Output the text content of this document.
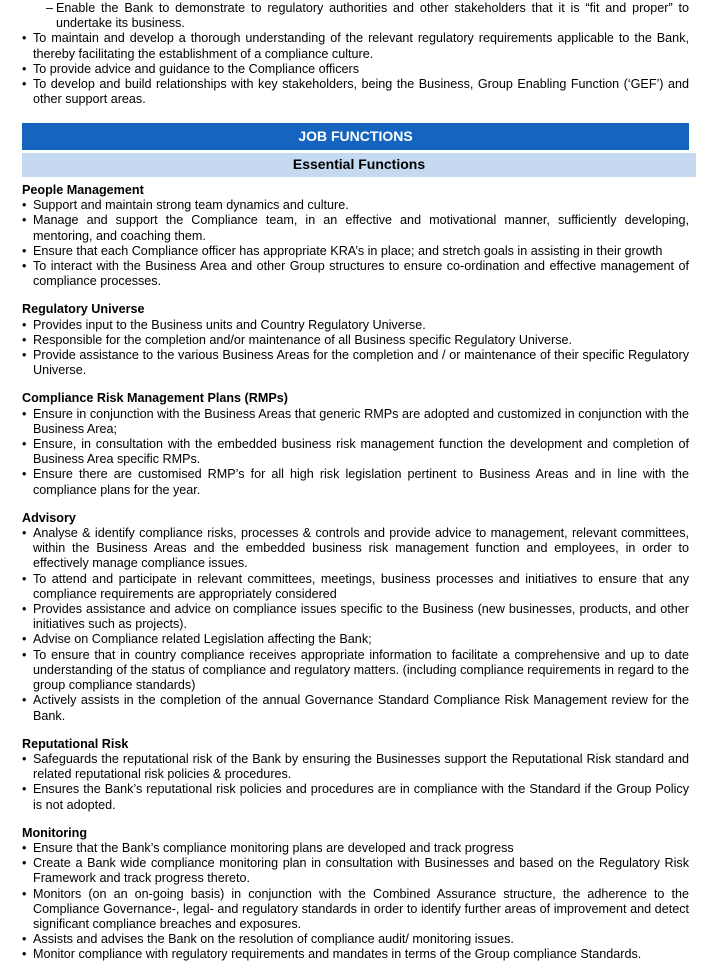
– Enable the Bank to demonstrate to regulatory authorities and other stakeholders that it is “fit and proper” to undertake its business.
• To maintain and develop a thorough understanding of the relevant regulatory requirements applicable to the Bank, thereby facilitating the establishment of a compliance culture.
• To provide advice and guidance to the Compliance officers
• To develop and build relationships with key stakeholders, being the Business, Group Enabling Function (‘GEF’) and other support areas.
JOB FUNCTIONS
Essential Functions

People Management

• Support and maintain strong team dynamics and culture.
• Manage and support the Compliance team, in an effective and motivational manner, sufficiently developing, mentoring, and coaching them.
• Ensure that each Compliance officer has appropriate KRA’s in place; and stretch goals in assisting in their growth
• To interact with the Business Area and other Group structures to ensure co-ordination and effective management of compliance processes.

Regulatory Universe

• Provides input to the Business units and Country Regulatory Universe.
• Responsible for the completion and/or maintenance of all Business specific Regulatory Universe.
• Provide assistance to the various Business Areas for the completion and / or maintenance of their specific Regulatory Universe.

Compliance Risk Management Plans (RMPs)

• Ensure in conjunction with the Business Areas that generic RMPs are adopted and customized in conjunction with the Business Area;
• Ensure, in consultation with the embedded business risk management function the development and completion of Business Area specific RMPs.
• Ensure there are customised RMP’s for all high risk legislation pertinent to Business Areas and in line with the compliance plans for the year.

Advisory

• Analyse & identify compliance risks, processes & controls and provide advice to management, relevant committees, within the Business Areas and the embedded business risk management function and employees, in order to effectively manage compliance issues.
• To attend and participate in relevant committees, meetings, business processes and initiatives to ensure that any compliance requirements are appropriately considered
• Provides assistance and advice on compliance issues specific to the Business (new businesses, products, and other initiatives such as projects).
• Advise on Compliance related Legislation affecting the Bank;
• To ensure that in country compliance receives appropriate information to facilitate a comprehensive and up to date understanding of the status of compliance and regulatory matters. (including compliance requirements in regard to the group compliance standards)
• Actively assists in the completion of the annual Governance Standard Compliance Risk Management review for the Bank.

Reputational Risk

• Safeguards the reputational risk of the Bank by ensuring the Businesses support the Reputational Risk standard and related reputational risk policies & procedures.
• Ensures the Bank’s reputational risk policies and procedures are in compliance with the Standard if the Group Policy is not adopted.

Monitoring

• Ensure that the Bank’s compliance monitoring plans are developed and track progress
• Create a Bank wide compliance monitoring plan in consultation with Businesses and based on the Regulatory Risk Framework and track progress thereto.
• Monitors (on an on-going basis) in conjunction with the Combined Assurance structure, the adherence to the Compliance Governance-, legal- and regulatory standards in order to identify further areas of improvement and detect significant compliance breaches and exposures.
• Assists and advises the Bank on the resolution of compliance audit/ monitoring issues.
• Monitor compliance with regulatory requirements and mandates in terms of the Group compliance Standards.
